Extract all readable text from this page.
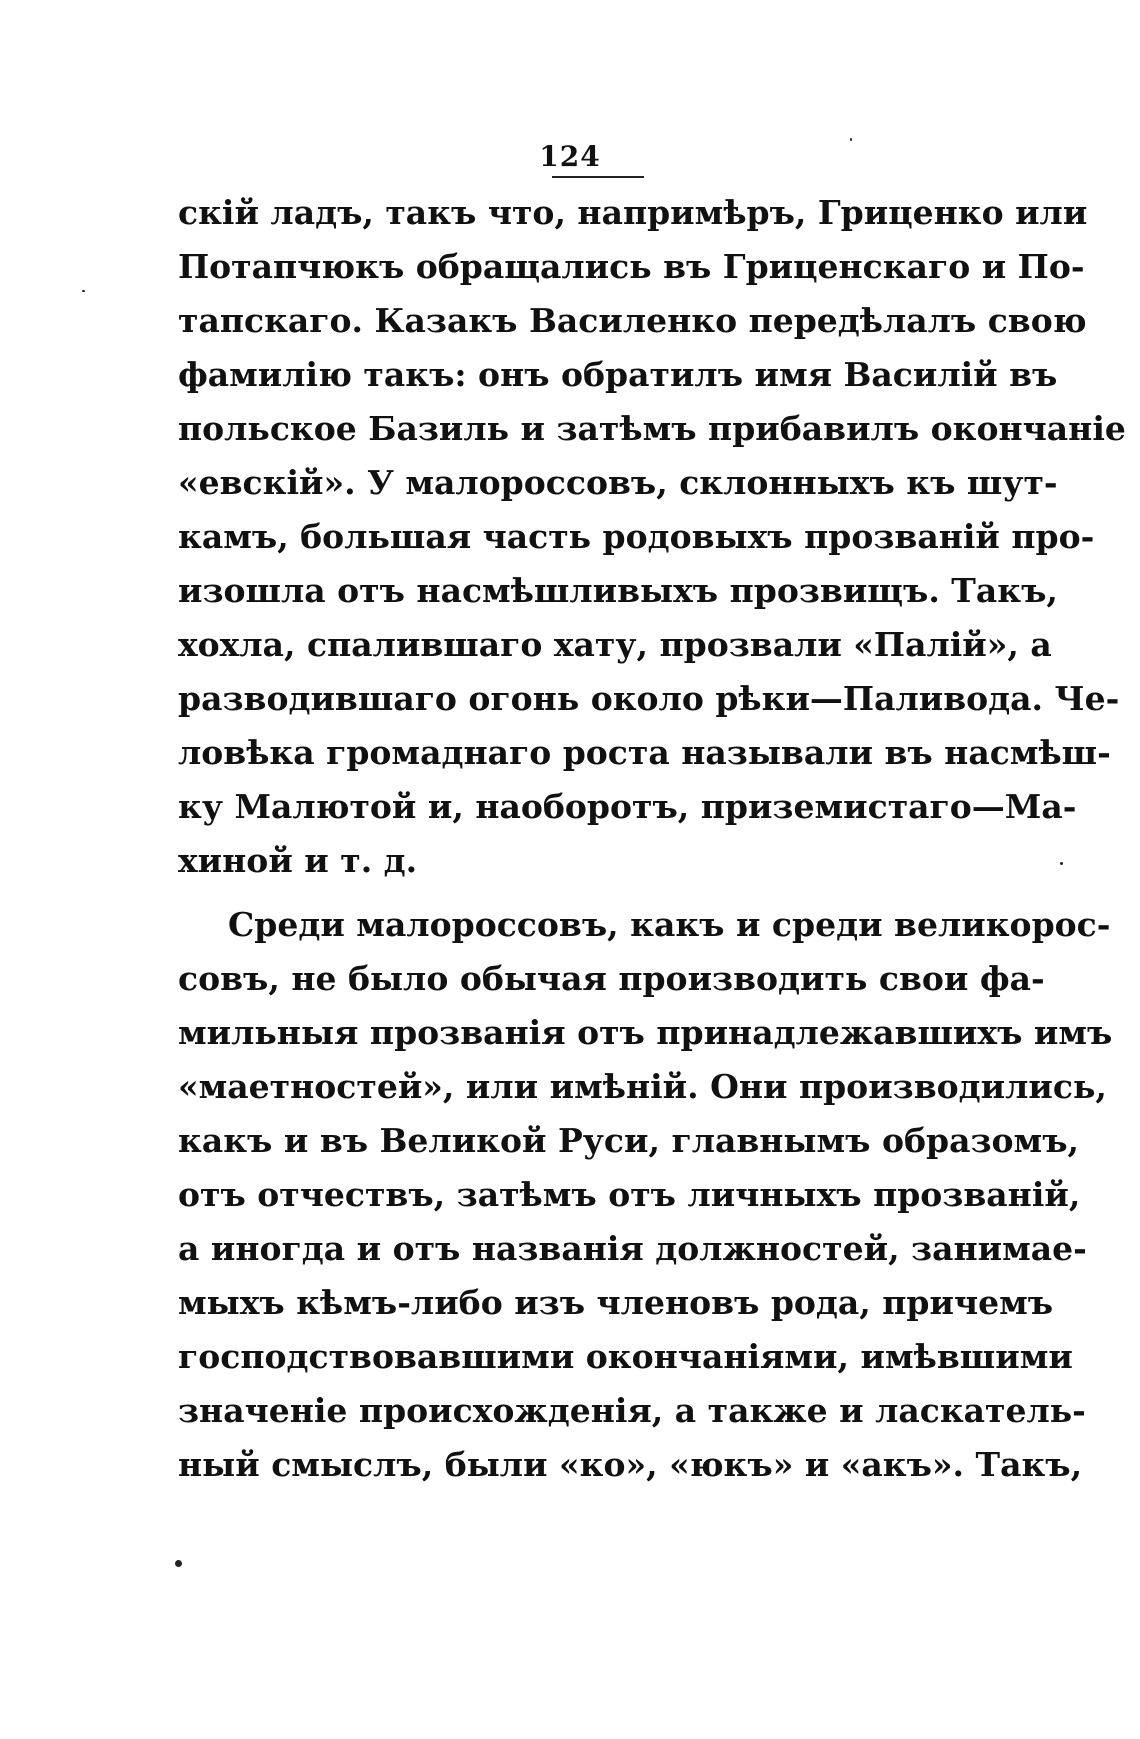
124
скій ладъ, такъ что, напримѣръ, Гриценко или
Потапчюкъ обращались въ Гриценскаго и По-
тапскаго. Казакъ Василенко передѣлалъ свою
фамилію такъ: онъ обратилъ имя Василій въ
польское Базиль и затѣмъ прибавилъ окончаніе
«евскій». У малороссовъ, склонныхъ къ шут-
камъ, большая часть родовыхъ прозваній про-
изошла отъ насмѣшливыхъ прозвищъ. Такъ,
хохла, спалившаго хату, прозвали «Палій», а
разводившаго огонь около рѣки—Паливода. Че-
ловѣка громаднаго роста называли въ насмѣш-
ку Малютой и, наоборотъ, приземистаго—Ма-
хиной и т. д.
Среди малороссовъ, какъ и среди великорос-
совъ, не было обычая производить свои фа-
мильныя прозванія отъ принадлежавшихъ имъ
«маетностей», или имѣній. Они производились,
какъ и въ Великой Руси, главнымъ образомъ,
отъ отчествъ, затѣмъ отъ личныхъ прозваній,
а иногда и отъ названія должностей, занимае-
мыхъ кѣмъ-либо изъ членовъ рода, причемъ
господствовавшими окончаніями, имѣвшими
значеніе происхожденія, а также и ласкатель-
ный смыслъ, были «ко», «юкъ» и «акъ». Такъ,
